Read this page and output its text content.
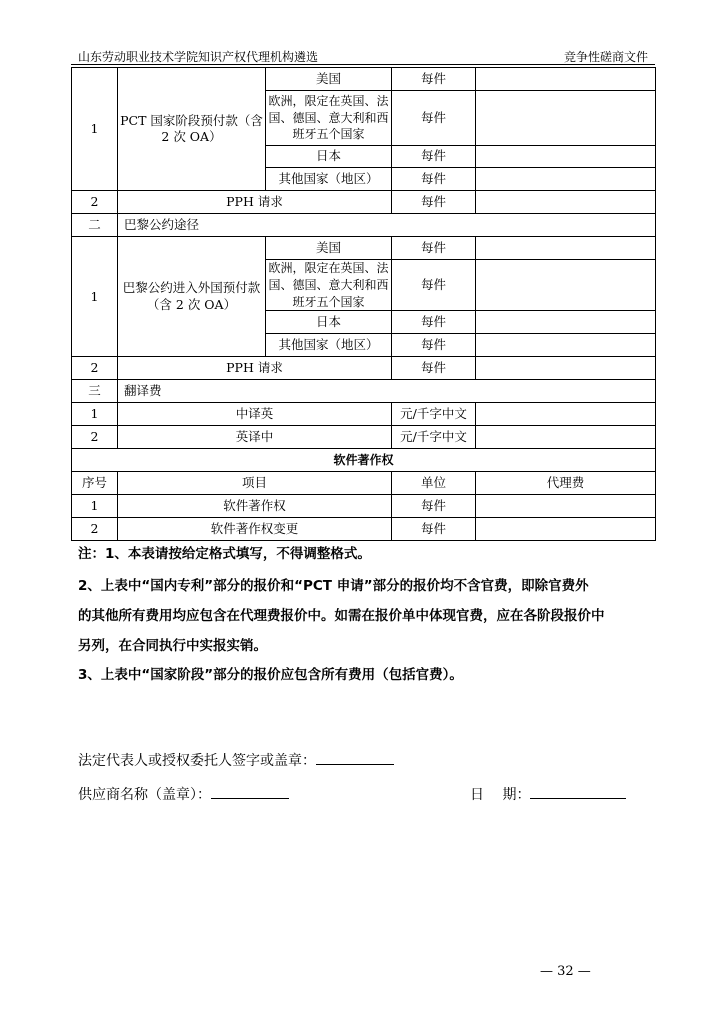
山东劳动职业技术学院知识产权代理机构遴选	竞争性磋商文件
1	PCT 国家阶段预付款（含 2 次 OA）	美国	每件	
		欧洲，限定在英国、法国、德国、意大利和西班牙五个国家	每件	
		日本	每件	
		其他国家（地区）	每件	
2	PPH 请求		每件	
二	巴黎公约途径			
1	巴黎公约进入外国预付款（含 2 次 OA）	美国	每件	
		欧洲，限定在英国、法国、德国、意大利和西班牙五个国家	每件	
		日本	每件	
		其他国家（地区）	每件	
2	PPH 请求		每件	
三	翻译费			
1	中译英		元/千字中文	
2	英译中		元/千字中文	
软件著作权				
序号	项目		单位	代理费
1	软件著作权		每件	
2	软件著作权变更		每件	
注：1、本表请按给定格式填写，不得调整格式。
2、上表中“国内专利”部分的报价和“PCT 申请”部分的报价均不含官费，即除官费外
的其他所有费用均应包含在代理费报价中。如需在报价单中体现官费，应在各阶段报价中
另列，在合同执行中实报实销。
3、上表中“国家阶段”部分的报价应包含所有费用（包括官费）。
法定代表人或授权委托人签字或盖章：
供应商名称（盖章）：	日　 期：
— 32 —
